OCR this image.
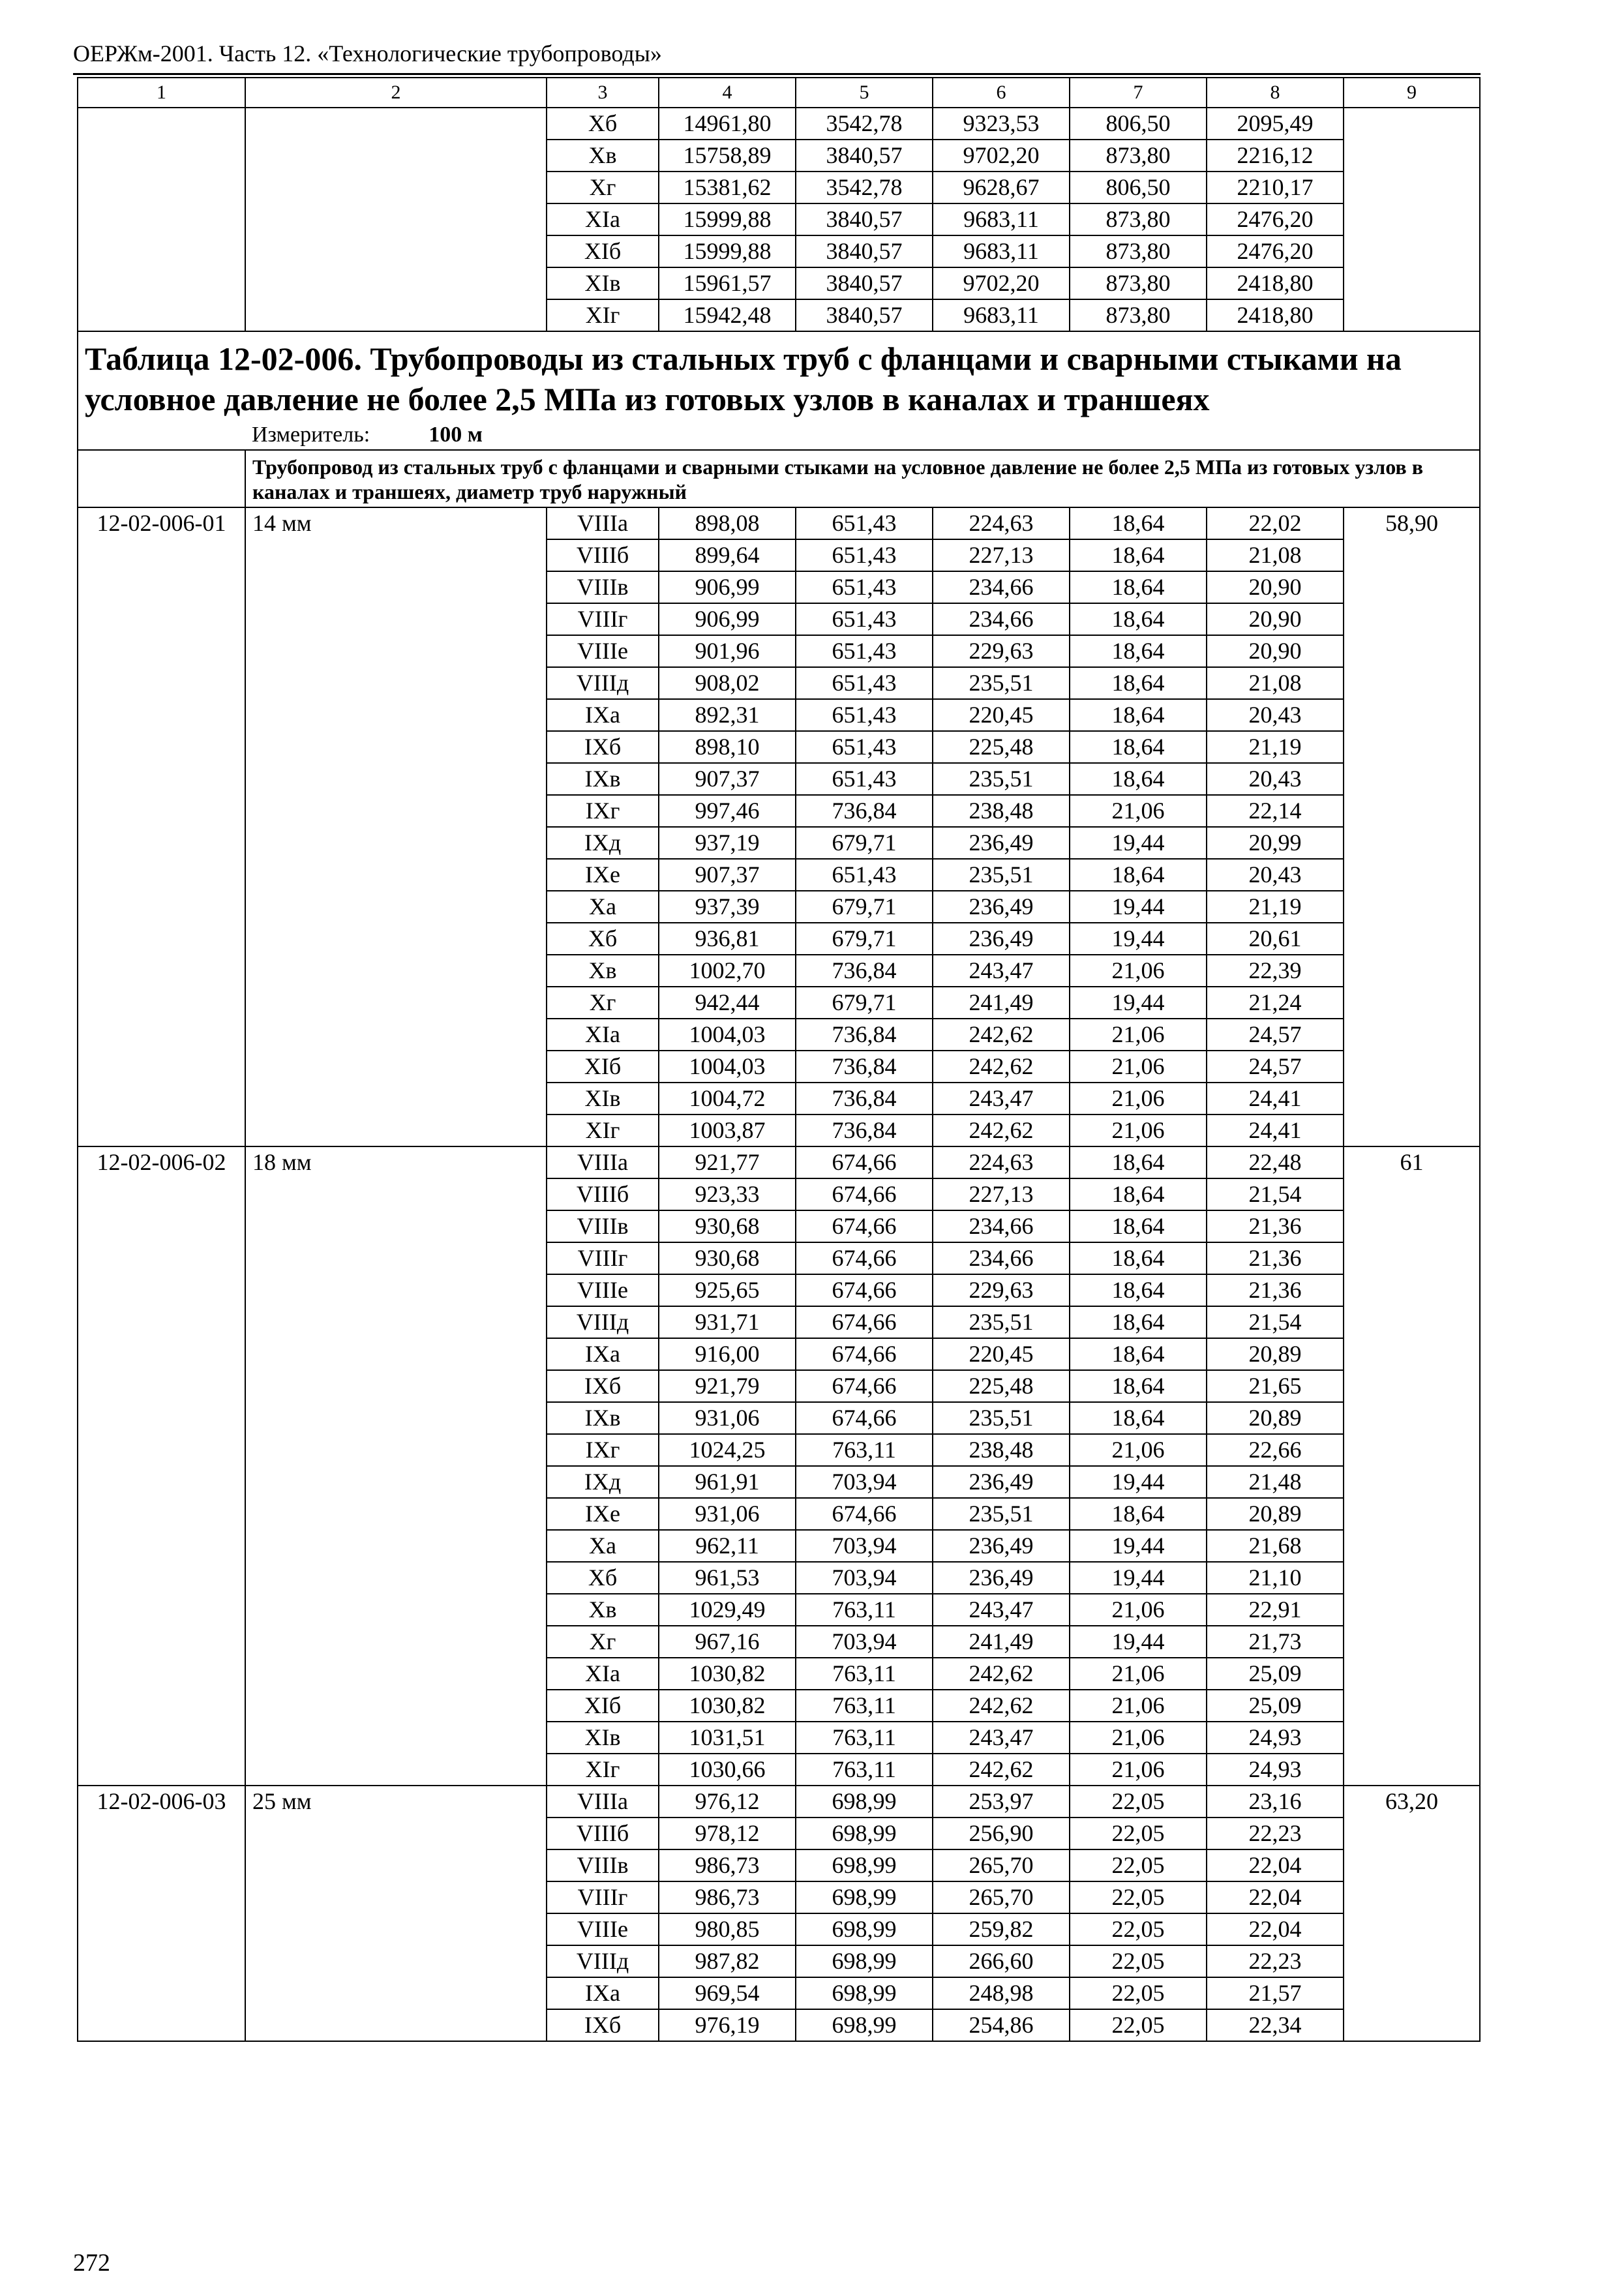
ОЕРЖм-2001. Часть 12. «Технологические трубопроводы»
1	2	3	4	5	6	7	8	9
		Xб	14961,80	3542,78	9323,53	806,50	2095,49	
		Xв	15758,89	3840,57	9702,20	873,80	2216,12	
		Xг	15381,62	3542,78	9628,67	806,50	2210,17	
		XIа	15999,88	3840,57	9683,11	873,80	2476,20	
		XIб	15999,88	3840,57	9683,11	873,80	2476,20	
		XIв	15961,57	3840,57	9702,20	873,80	2418,80	
		XIг	15942,48	3840,57	9683,11	873,80	2418,80	

Таблица 12-02-006. Трубопроводы из стальных труб с фланцами и сварными стыками на условное давление не более 2,5 МПа из готовых узлов в каналах и траншеях
Измеритель: 100 м								

	Трубопровод из стальных труб с фланцами и сварными стыками на условное давление не более 2,5 МПа из готовых узлов в каналах и траншеях, диаметр труб наружный							
12-02-006-01	14 мм	VIIIа	898,08	651,43	224,63	18,64	22,02	58,90
		VIIIб	899,64	651,43	227,13	18,64	21,08	
		VIIIв	906,99	651,43	234,66	18,64	20,90	
		VIIIг	906,99	651,43	234,66	18,64	20,90	
		VIIIе	901,96	651,43	229,63	18,64	20,90	
		VIIIд	908,02	651,43	235,51	18,64	21,08	
		IXа	892,31	651,43	220,45	18,64	20,43	
		IXб	898,10	651,43	225,48	18,64	21,19	
		IXв	907,37	651,43	235,51	18,64	20,43	
		IXг	997,46	736,84	238,48	21,06	22,14	
		IXд	937,19	679,71	236,49	19,44	20,99	
		IXе	907,37	651,43	235,51	18,64	20,43	
		Xа	937,39	679,71	236,49	19,44	21,19	
		Xб	936,81	679,71	236,49	19,44	20,61	
		Xв	1002,70	736,84	243,47	21,06	22,39	
		Xг	942,44	679,71	241,49	19,44	21,24	
		XIа	1004,03	736,84	242,62	21,06	24,57	
		XIб	1004,03	736,84	242,62	21,06	24,57	
		XIв	1004,72	736,84	243,47	21,06	24,41	
		XIг	1003,87	736,84	242,62	21,06	24,41	
12-02-006-02	18 мм	VIIIа	921,77	674,66	224,63	18,64	22,48	61
		VIIIб	923,33	674,66	227,13	18,64	21,54	
		VIIIв	930,68	674,66	234,66	18,64	21,36	
		VIIIг	930,68	674,66	234,66	18,64	21,36	
		VIIIе	925,65	674,66	229,63	18,64	21,36	
		VIIIд	931,71	674,66	235,51	18,64	21,54	
		IXа	916,00	674,66	220,45	18,64	20,89	
		IXб	921,79	674,66	225,48	18,64	21,65	
		IXв	931,06	674,66	235,51	18,64	20,89	
		IXг	1024,25	763,11	238,48	21,06	22,66	
		IXд	961,91	703,94	236,49	19,44	21,48	
		IXе	931,06	674,66	235,51	18,64	20,89	
		Xа	962,11	703,94	236,49	19,44	21,68	
		Xб	961,53	703,94	236,49	19,44	21,10	
		Xв	1029,49	763,11	243,47	21,06	22,91	
		Xг	967,16	703,94	241,49	19,44	21,73	
		XIа	1030,82	763,11	242,62	21,06	25,09	
		XIб	1030,82	763,11	242,62	21,06	25,09	
		XIв	1031,51	763,11	243,47	21,06	24,93	
		XIг	1030,66	763,11	242,62	21,06	24,93	
12-02-006-03	25 мм	VIIIа	976,12	698,99	253,97	22,05	23,16	63,20
		VIIIб	978,12	698,99	256,90	22,05	22,23	
		VIIIв	986,73	698,99	265,70	22,05	22,04	
		VIIIг	986,73	698,99	265,70	22,05	22,04	
		VIIIе	980,85	698,99	259,82	22,05	22,04	
		VIIIд	987,82	698,99	266,60	22,05	22,23	
		IXа	969,54	698,99	248,98	22,05	21,57	
		IXб	976,19	698,99	254,86	22,05	22,34	
272
